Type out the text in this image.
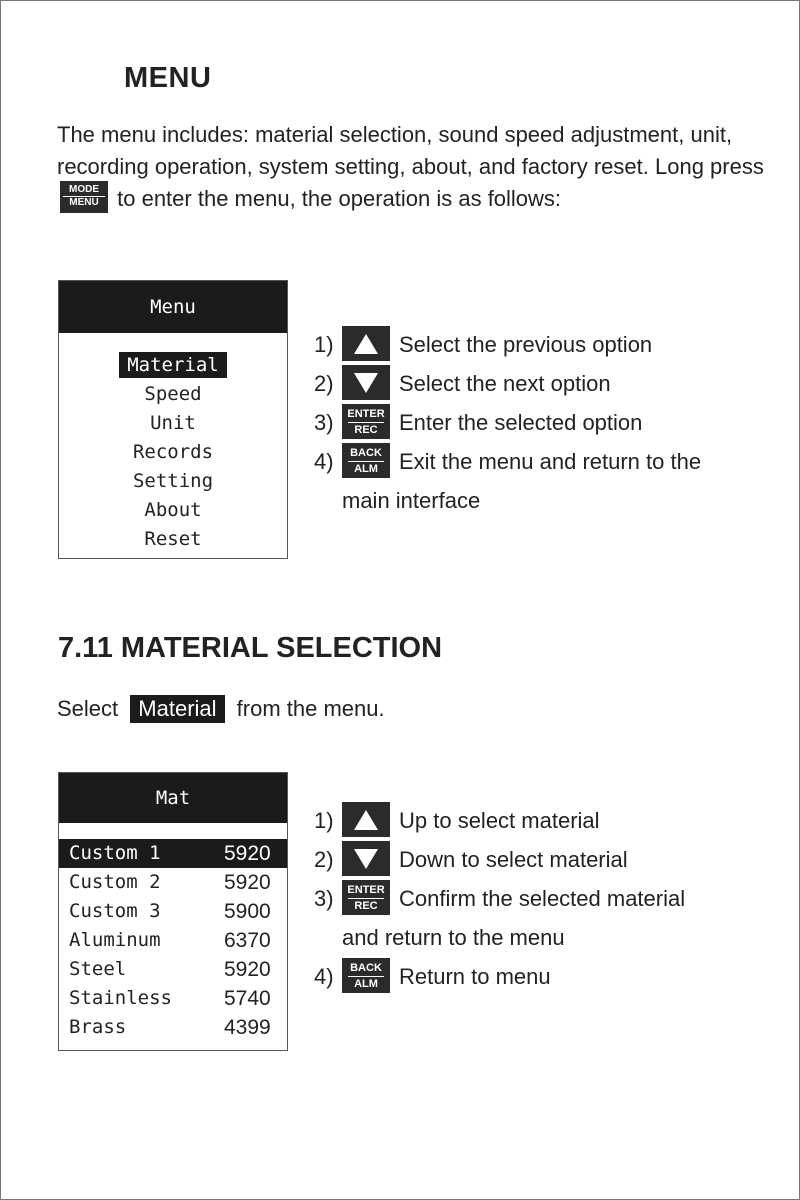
MENU
The menu includes: material selection, sound speed adjustment, unit, recording operation, system setting, about, and factory reset. Long press
MODE
MENU to enter the menu, the operation is as follows:
Menu
Material
Speed
Unit
Records
Setting
About
Reset
1)	Select the previous option
2)	Select the next option
3)	ENTER
REC Enter the selected option
4)	BACK
ALM Exit the menu and return to the
main interface
7.11 MATERIAL SELECTION
Select Material from the menu.
Mat
Custom 1	5920
Custom 2	5920
Custom 3	5900
Aluminum	6370
Steel	5920
Stainless 5740
Brass	4399
1)	Up to select material
2)	Down to select material
3)	ENTER
REC Confirm the selected material
and return to the menu
4)	BACK
ALM Return to menu
